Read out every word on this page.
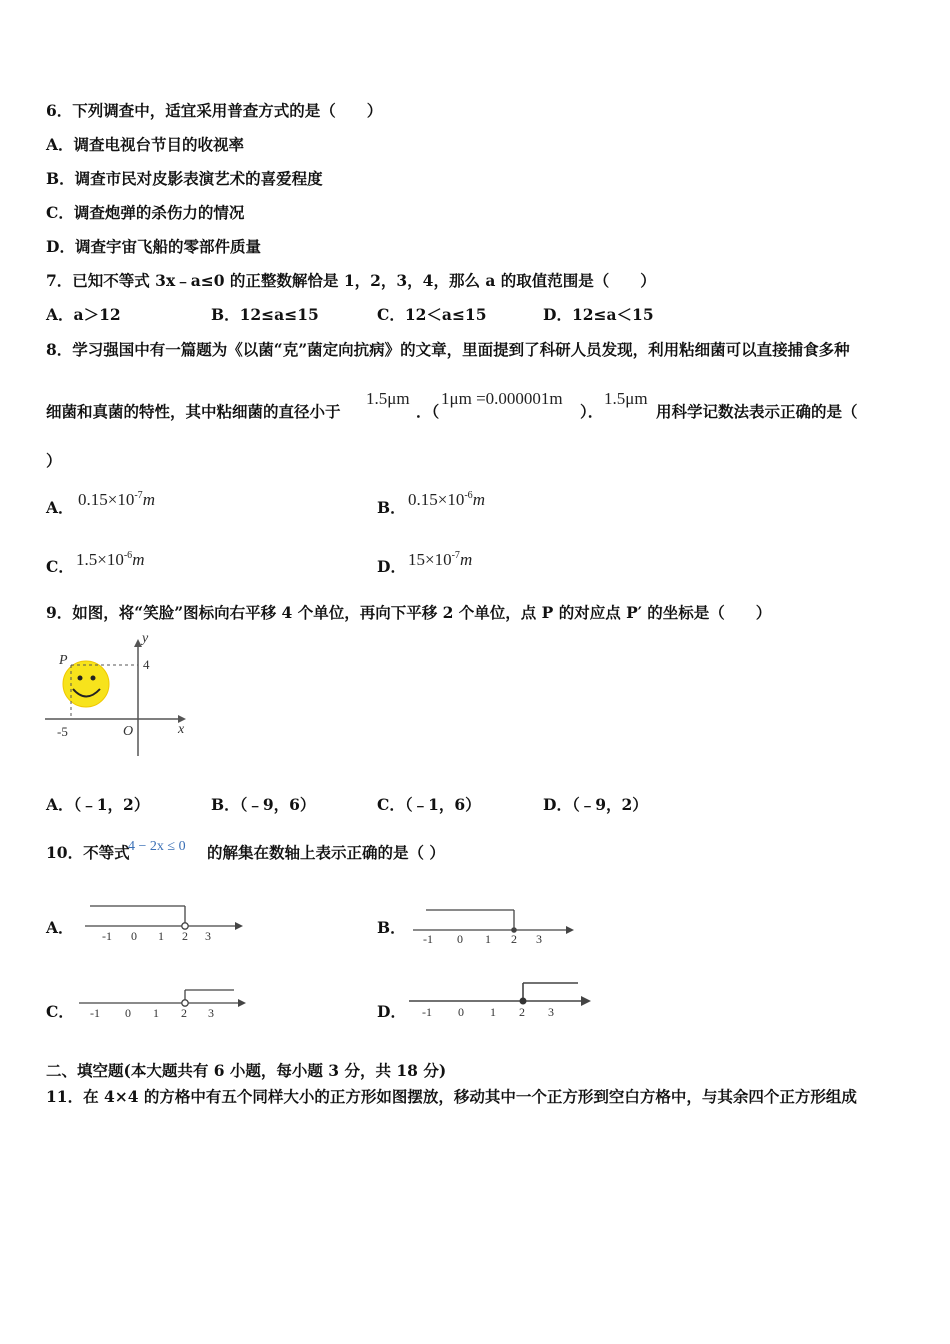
6．下列调查中，适宜采用普查方式的是（　　）
A．调查电视台节目的收视率
B．调查市民对皮影表演艺术的喜爱程度
C．调查炮弹的杀伤力的情况
D．调查宇宙飞船的零部件质量
7．已知不等式 3x﹣a≤0 的正整数解恰是 1，2，3，4，那么 a 的取值范围是（　　）
A．a＞12	B．12≤a≤15	C．12＜a≤15	D．12≤a＜15
8．学习强国中有一篇题为《以菌“克”菌定向抗病》的文章，里面提到了科研人员发现，利用粘细菌可以直接捕食多种
细菌和真菌的特性，其中粘细菌的直径小于
1.5μm
．（
1μm =0.000001m
）．
1.5μm
用科学记数法表示正确的是（
）
A． $0.15\times 10^{-7}m$	B． $0.15\times 10^{-6}m$
C． $1.5\times 10^{-6}m$	D． $15\times 10^{-7}m$
9．如图，将“笑脸”图标向右平移 4 个单位，再向下平移 2 个单位，点 P 的对应点 P′ 的坐标是（　　）
y
x
O
P
-5
4
A．（﹣1，2）	B．（﹣9，6）	C．（﹣1，6）	D．（﹣9，2）
10．不等式
4 − 2x ≤ 0 的解集在数轴上表示正确的是（ ）
A． -1 0 1 2 3	B．
-1 0 1 2 3
C． -1 0 1 2 3	D． -1 0 1 2 3
二、填空题(本大题共有 6 小题，每小题 3 分，共 18 分)
11．在 4×4 的方格中有五个同样大小的正方形如图摆放，移动其中一个正方形到空白方格中，与其余四个正方形组成
